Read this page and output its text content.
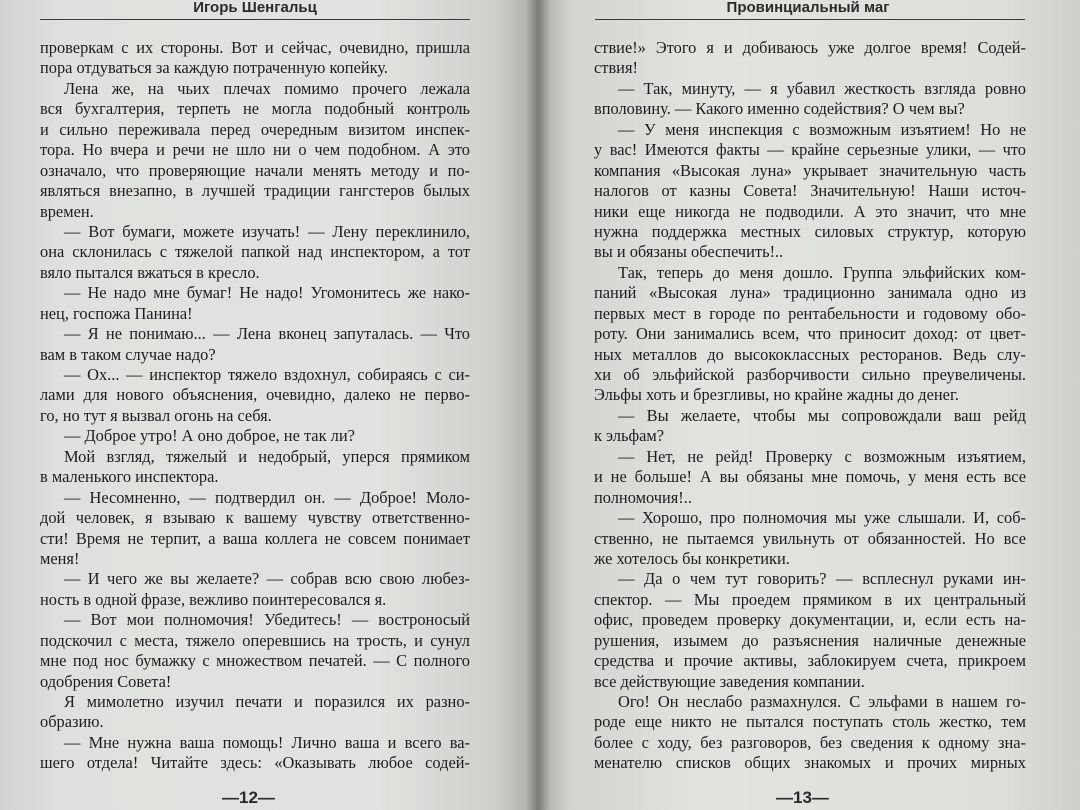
Игорь Шенгальц
проверкам с их стороны. Вот и сейчас, очевидно, пришла
пора отдуваться за каждую потраченную копейку.
Лена же, на чьих плечах помимо прочего лежала
вся бухгалтерия, терпеть не могла подобный контроль
и сильно переживала перед очередным визитом инспек-
тора. Но вчера и речи не шло ни о чем подобном. А это
означало, что проверяющие начали менять методу и по-
являться внезапно, в лучшей традиции гангстеров былых
времен.
— Вот бумаги, можете изучать! — Лену переклинило,
она склонилась с тяжелой папкой над инспектором, а тот
вяло пытался вжаться в кресло.
— Не надо мне бумаг! Не надо! Угомонитесь же нако-
нец, госпожа Панина!
— Я не понимаю... — Лена вконец запуталась. — Что
вам в таком случае надо?
— Ох... — инспектор тяжело вздохнул, собираясь с си-
лами для нового объяснения, очевидно, далеко не перво-
го, но тут я вызвал огонь на себя.
— Доброе утро! А оно доброе, не так ли?
Мой взгляд, тяжелый и недобрый, уперся прямиком
в маленького инспектора.
— Несомненно, — подтвердил он. — Доброе! Моло-
дой человек, я взываю к вашему чувству ответственно-
сти! Время не терпит, а ваша коллега не совсем понимает
меня!
— И чего же вы желаете? — собрав всю свою любез-
ность в одной фразе, вежливо поинтересовался я.
— Вот мои полномочия! Убедитесь! — востроносый
подскочил с места, тяжело оперевшись на трость, и сунул
мне под нос бумажку с множеством печатей. — С полного
одобрения Совета!
Я мимолетно изучил печати и поразился их разно-
образию.
— Мне нужна ваша помощь! Лично ваша и всего ва-
шего отдела! Читайте здесь: «Оказывать любое содей-
—12—
Провинциальный маг
ствие!» Этого я и добиваюсь уже долгое время! Содей-
ствия!
— Так, минуту, — я убавил жесткость взгляда ровно
вполовину. — Какого именно содействия? О чем вы?
— У меня инспекция с возможным изъятием! Но не
у вас! Имеются факты — крайне серьезные улики, — что
компания «Высокая луна» укрывает значительную часть
налогов от казны Совета! Значительную! Наши источ-
ники еще никогда не подводили. А это значит, что мне
нужна поддержка местных силовых структур, которую
вы и обязаны обеспечить!..
Так, теперь до меня дошло. Группа эльфийских ком-
паний «Высокая луна» традиционно занимала одно из
первых мест в городе по рентабельности и годовому обо-
роту. Они занимались всем, что приносит доход: от цвет-
ных металлов до высококлассных ресторанов. Ведь слу-
хи об эльфийской разборчивости сильно преувеличены.
Эльфы хоть и брезгливы, но крайне жадны до денег.
— Вы желаете, чтобы мы сопровождали ваш рейд
к эльфам?
— Нет, не рейд! Проверку с возможным изъятием,
и не больше! А вы обязаны мне помочь, у меня есть все
полномочия!..
— Хорошо, про полномочия мы уже слышали. И, соб-
ственно, не пытаемся увильнуть от обязанностей. Но все
же хотелось бы конкретики.
— Да о чем тут говорить? — всплеснул руками ин-
спектор. — Мы проедем прямиком в их центральный
офис, проведем проверку документации, и, если есть на-
рушения, изымем до разъяснения наличные денежные
средства и прочие активы, заблокируем счета, прикроем
все действующие заведения компании.
Ого! Он неслабо размахнулся. С эльфами в нашем го-
роде еще никто не пытался поступать столь жестко, тем
более с ходу, без разговоров, без сведения к одному зна-
менателю списков общих знакомых и прочих мирных
—13—
